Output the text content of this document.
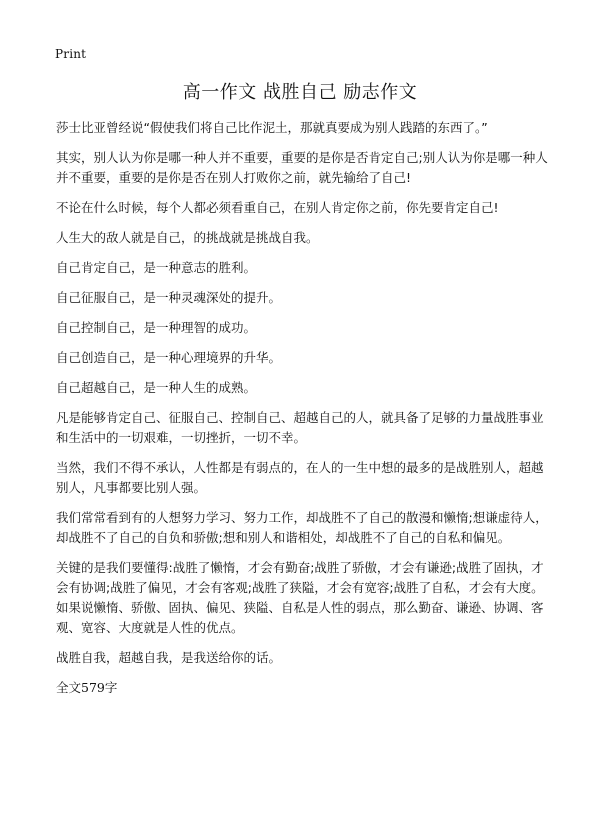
Print
高一作文 战胜自己 励志作文

莎士比亚曾经说“假使我们将自己比作泥土，那就真要成为别人践踏的东西了。”

其实，别人认为你是哪一种人并不重要，重要的是你是否肯定自己;别人认为你是哪一种人并不重要，重要的是你是否在别人打败你之前，就先输给了自己!

不论在什么时候，每个人都必须看重自己，在别人肯定你之前，你先要肯定自己!

人生大的敌人就是自己，的挑战就是挑战自我。

自己肯定自己，是一种意志的胜利。

自己征服自己，是一种灵魂深处的提升。

自己控制自己，是一种理智的成功。

自己创造自己，是一种心理境界的升华。

自己超越自己，是一种人生的成熟。

凡是能够肯定自己、征服自己、控制自己、超越自己的人，就具备了足够的力量战胜事业和生活中的一切艰难，一切挫折，一切不幸。

当然，我们不得不承认，人性都是有弱点的，在人的一生中想的最多的是战胜别人，超越别人，凡事都要比别人强。

我们常常看到有的人想努力学习、努力工作，却战胜不了自己的散漫和懒惰;想谦虚待人，却战胜不了自己的自负和骄傲;想和别人和谐相处，却战胜不了自己的自私和偏见。

关键的是我们要懂得:战胜了懒惰，才会有勤奋;战胜了骄傲，才会有谦逊;战胜了固执，才会有协调;战胜了偏见，才会有客观;战胜了狭隘，才会有宽容;战胜了自私，才会有大度。如果说懒惰、骄傲、固执、偏见、狭隘、自私是人性的弱点，那么勤奋、谦逊、协调、客观、宽容、大度就是人性的优点。

战胜自我，超越自我，是我送给你的话。

全文579字
